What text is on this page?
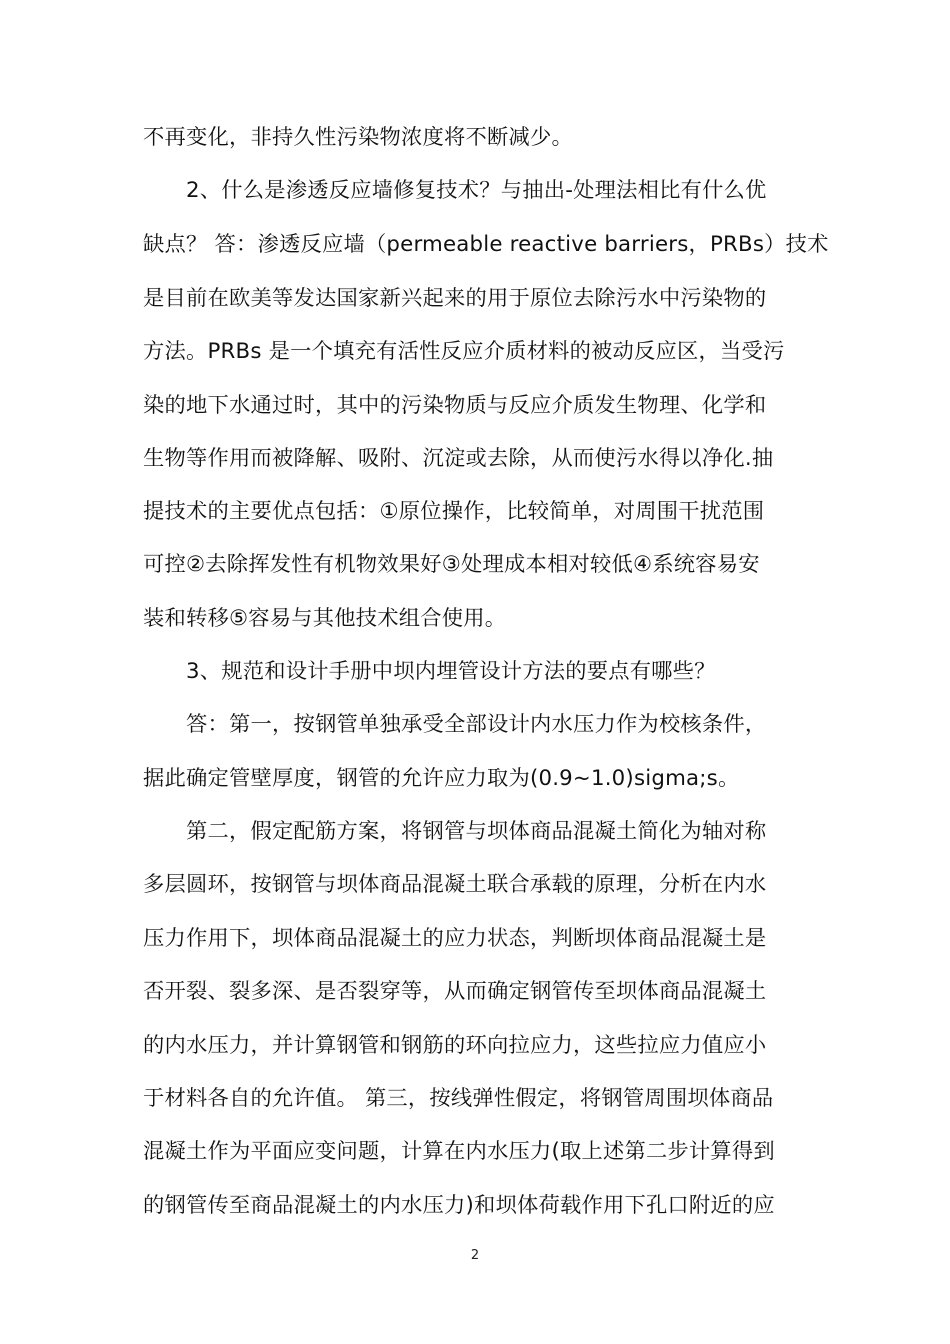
不再变化，非持久性污染物浓度将不断减少。
2、什么是渗透反应墙修复技术？与抽出-处理法相比有什么优
缺点？ 答：渗透反应墙（permeable reactive barriers，PRBs）技术
是目前在欧美等发达国家新兴起来的用于原位去除污水中污染物的
方法。PRBs 是一个填充有活性反应介质材料的被动反应区，当受污
染的地下水通过时，其中的污染物质与反应介质发生物理、化学和
生物等作用而被降解、吸附、沉淀或去除，从而使污水得以净化.抽
提技术的主要优点包括：①原位操作，比较简单，对周围干扰范围
可控②去除挥发性有机物效果好③处理成本相对较低④系统容易安
装和转移⑤容易与其他技术组合使用。
3、规范和设计手册中坝内埋管设计方法的要点有哪些？
答：第一，按钢管单独承受全部设计内水压力作为校核条件，
据此确定管壁厚度，钢管的允许应力取为(0.9~1.0)sigma;s。
第二，假定配筋方案，将钢管与坝体商品混凝土简化为轴对称
多层圆环，按钢管与坝体商品混凝土联合承载的原理，分析在内水
压力作用下，坝体商品混凝土的应力状态，判断坝体商品混凝土是
否开裂、裂多深、是否裂穿等，从而确定钢管传至坝体商品混凝土
的内水压力，并计算钢管和钢筋的环向拉应力，这些拉应力值应小
于材料各自的允许值。 第三，按线弹性假定，将钢管周围坝体商品
混凝土作为平面应变问题，计算在内水压力(取上述第二步计算得到
的钢管传至商品混凝土的内水压力)和坝体荷载作用下孔口附近的应
2
